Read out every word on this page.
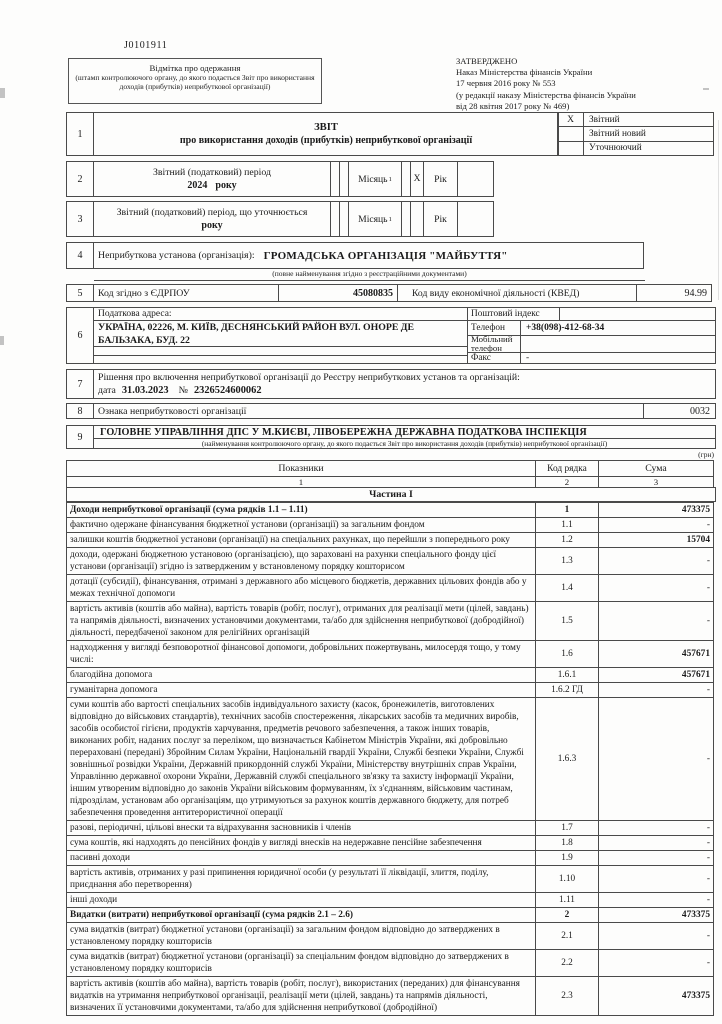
J0101911
Відмітка про одержання
(штамп контролюючого органу, до якого подається Звіт про використання доходів (прибутків) неприбуткової організації)
ЗАТВЕРДЖЕНО
Наказ Міністерства фінансів України
17 червня 2016 року № 553
(у редакції наказу Міністерства фінансів України
від 28 квітня 2017 року № 469)
1
ЗВІТ
про використання доходів (прибутків) неприбуткової організації
X	Звітний
Звітний новий
Уточнюючий
2
Звітний (податковий) період
2024 року
Місяць 1	X	Рік
3
Звітний (податковий) період, що уточнюється
року
Місяць 1	Рік
4	Неприбуткова установа (організація): ГРОМАДСЬКА ОРГАНІЗАЦІЯ "МАЙБУТТЯ"
(повне найменування згідно з реєстраційними документами)
5	Код згідно з ЄДРПОУ	45080835	Код виду економічної діяльності (КВЕД)	94.99
6
Податкова адреса:
УКРАЇНА, 02226, М. КИЇВ, ДЕСНЯНСЬКИЙ РАЙОН ВУЛ. ОНОРЕ ДЕ БАЛЬЗАКА, БУД. 22
Поштовий індекс
Телефон	+38(098)-412-68-34
Мобільний телефон
Факс	-
7
Рішення про включення неприбуткової організації до Реєстру неприбуткових установ та організацій:
дата 31.03.2023 № 2326524600062
8	Ознака неприбутковості організації	0032
9	ГОЛОВНЕ УПРАВЛІННЯ ДПС У М.КИЄВІ, ЛІВОБЕРЕЖНА ДЕРЖАВНА ПОДАТКОВА ІНСПЕКЦІЯ
(найменування контролюючого органу, до якого подається Звіт про використання доходів (прибутків) неприбуткової організації)
(грн)
Показники	Код рядка	Сума
1	2	3
Частина I
Доходи неприбуткової організації (сума рядків 1.1 – 1.11)	1	473375
фактично одержане фінансування бюджетної установи (організації) за загальним фондом	1.1	-
залишки коштів бюджетної установи (організації) на спеціальних рахунках, що перейшли з попереднього року	1.2	15704
доходи, одержані бюджетною установою (організацією), що зараховані на рахунки спеціального фонду цієї установи (організації) згідно із затвердженим у встановленому порядку кошторисом
1.3	-
дотації (субсидії), фінансування, отримані з державного або місцевого бюджетів, державних цільових фондів або у межах технічної допомоги
1.4	-
вартість активів (коштів або майна), вартість товарів (робіт, послуг), отриманих для реалізації мети (цілей, завдань) та напрямів діяльності, визначених установчими документами, та/або для здійснення неприбуткової (добродійної) діяльності, передбаченої законом для релігійних організацій
1.5	-
надходження у вигляді безповоротної фінансової допомоги, добровільних пожертвувань, милосердя тощо, у тому числі:
1.6	457671
благодійна допомога	1.6.1	457671
гуманітарна допомога	1.6.2 ГД	-
суми коштів або вартості спеціальних засобів індивідуального захисту (касок, бронежилетів, виготовлених відповідно до військових стандартів), технічних засобів спостереження, лікарських засобів та медичних виробів, засобів особистої гігієни, продуктів харчування, предметів речового забезпечення, а також інших товарів, виконаних робіт, наданих послуг за переліком, що визначається Кабінетом Міністрів України, які добровільно перераховані (передані) Збройним Силам України, Національній гвардії України, Службі безпеки України, Службі зовнішньої розвідки України, Державній прикордонній службі України, Міністерству внутрішніх справ України, Управлінню державної охорони України, Державній службі спеціального зв'язку та захисту інформації України, іншим утвореним відповідно до законів України військовим формуванням, їх з'єднанням, військовим частинам, підрозділам, установам або організаціям, що утримуються за рахунок коштів державного бюджету, для потреб забезпечення проведення антитерористичної операції
1.6.3	-
разові, періодичні, цільові внески та відрахування засновників і членів	1.7	-
сума коштів, які надходять до пенсійних фондів у вигляді внесків на недержавне пенсійне забезпечення	1.8	-
пасивні доходи	1.9	-
вартість активів, отриманих у разі припинення юридичної особи (у результаті її ліквідації, злиття, поділу, приєднання або перетворення)
1.10	-
інші доходи	1.11	-
Видатки (витрати) неприбуткової організації (сума рядків 2.1 – 2.6)	2	473375
сума видатків (витрат) бюджетної установи (організації) за загальним фондом відповідно до затверджених в установленому порядку кошторисів
2.1	-
сума видатків (витрат) бюджетної установи (організації) за спеціальним фондом відповідно до затверджених в установленому порядку кошторисів
2.2	-
вартість активів (коштів або майна), вартість товарів (робіт, послуг), використаних (переданих) для фінансування видатків на утримання неприбуткової організації, реалізації мети (цілей, завдань) та напрямів діяльності, визначених її установчими документами, та/або для здійснення неприбуткової (добродійної)
2.3	473375
